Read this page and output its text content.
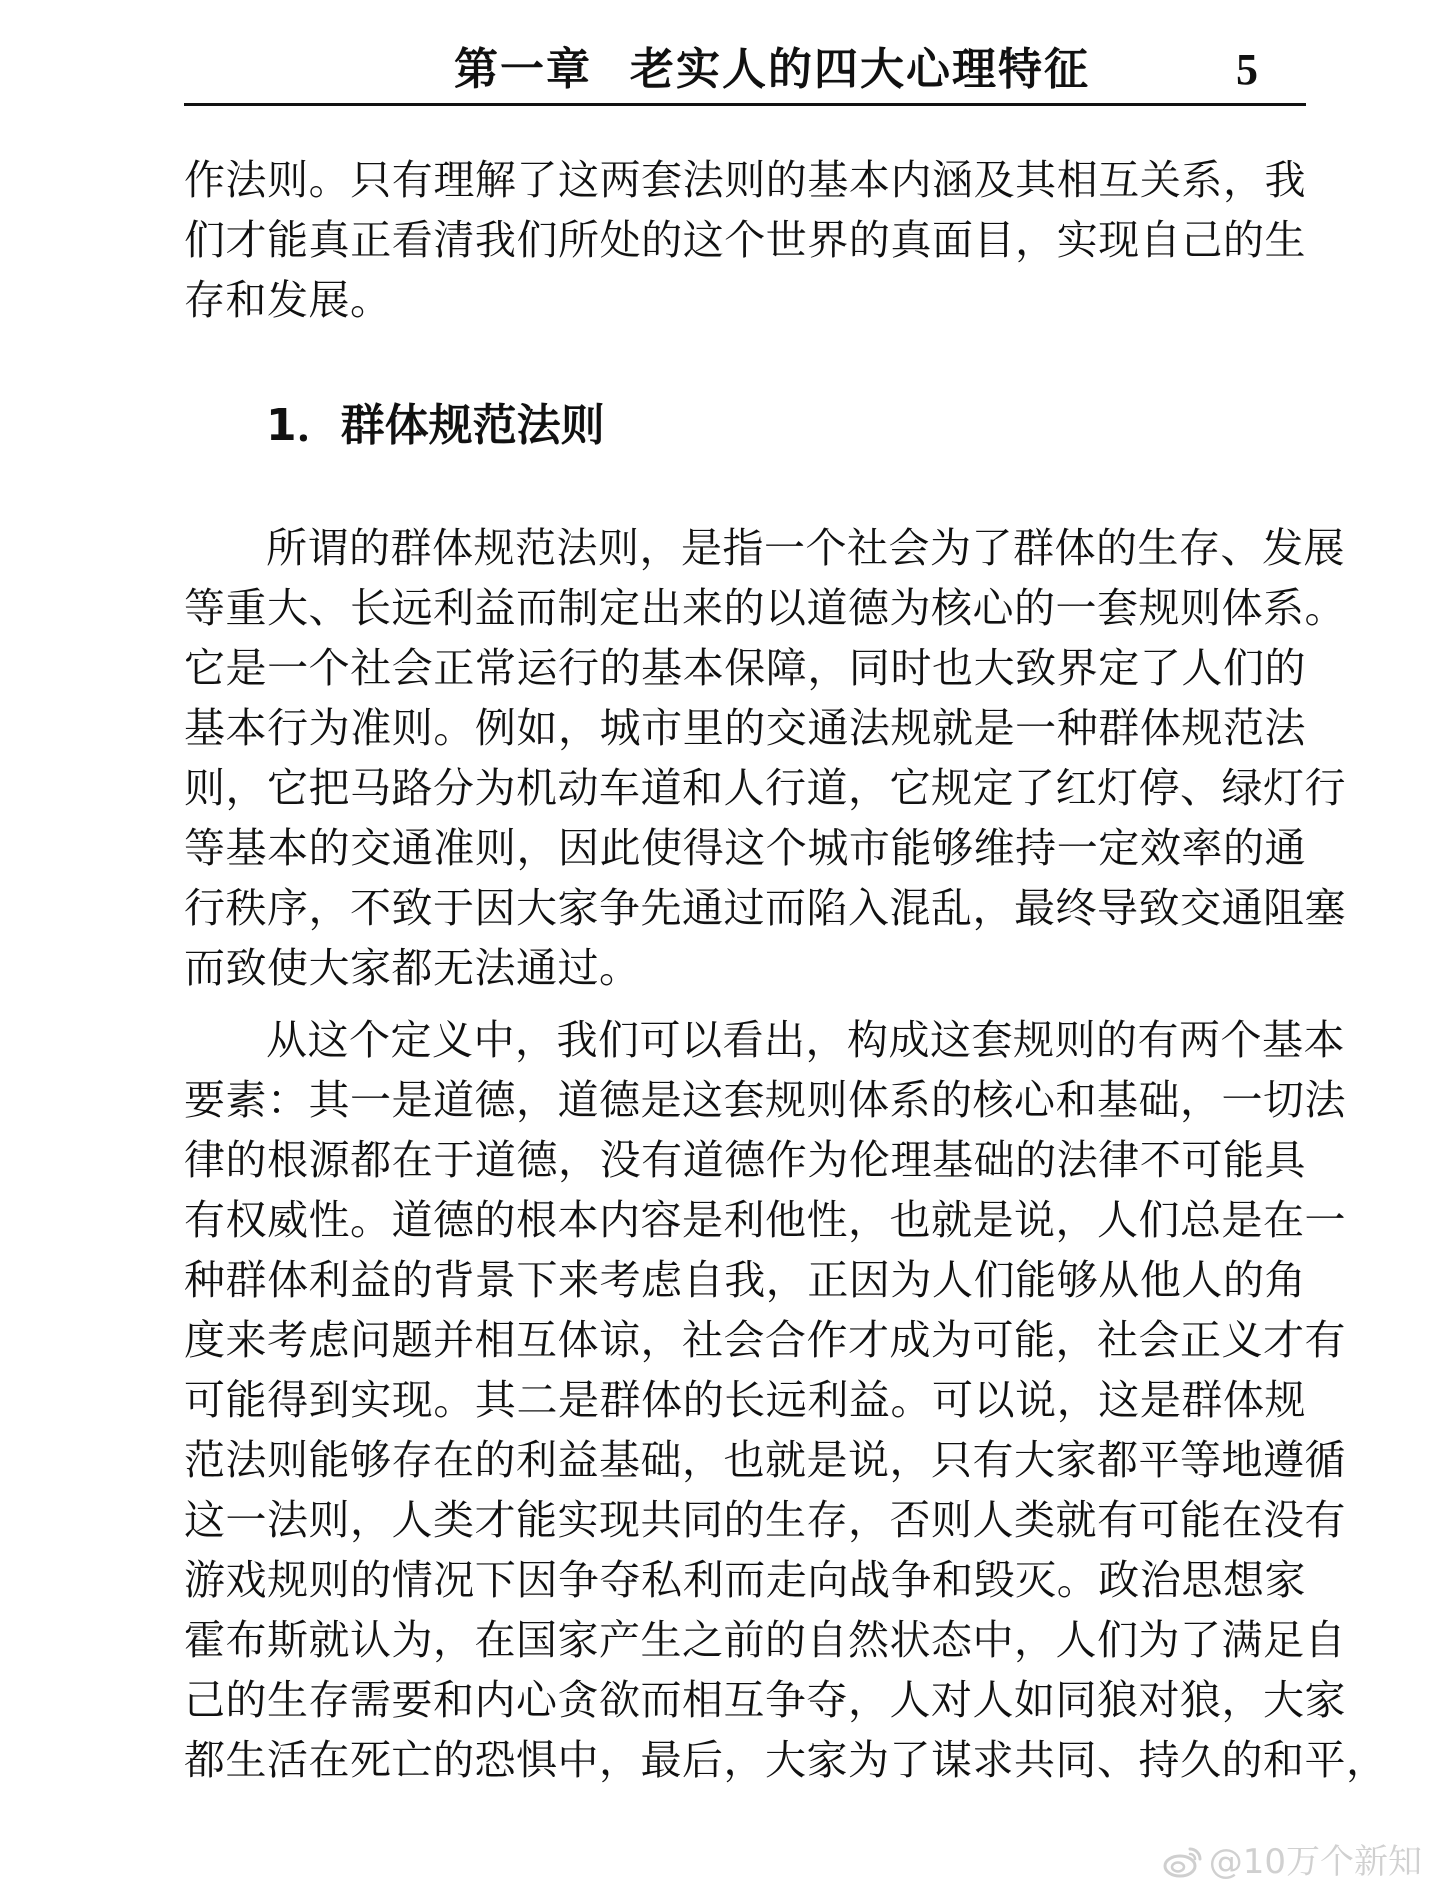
第一章 老实人的四大心理特征	5
作法则。只有理解了这两套法则的基本内涵及其相互关系，我
们才能真正看清我们所处的这个世界的真面目，实现自己的生
存和发展。
1．群体规范法则
所谓的群体规范法则，是指一个社会为了群体的生存、发展
等重大、长远利益而制定出来的以道德为核心的一套规则体系。
它是一个社会正常运行的基本保障，同时也大致界定了人们的
基本行为准则。例如，城市里的交通法规就是一种群体规范法
则，它把马路分为机动车道和人行道，它规定了红灯停、绿灯行
等基本的交通准则，因此使得这个城市能够维持一定效率的通
行秩序，不致于因大家争先通过而陷入混乱，最终导致交通阻塞
而致使大家都无法通过。
从这个定义中，我们可以看出，构成这套规则的有两个基本
要素：其一是道德，道德是这套规则体系的核心和基础，一切法
律的根源都在于道德，没有道德作为伦理基础的法律不可能具
有权威性。道德的根本内容是利他性，也就是说，人们总是在一
种群体利益的背景下来考虑自我，正因为人们能够从他人的角
度来考虑问题并相互体谅，社会合作才成为可能，社会正义才有
可能得到实现。其二是群体的长远利益。可以说，这是群体规
范法则能够存在的利益基础，也就是说，只有大家都平等地遵循
这一法则，人类才能实现共同的生存，否则人类就有可能在没有
游戏规则的情况下因争夺私利而走向战争和毁灭。政治思想家
霍布斯就认为，在国家产生之前的自然状态中，人们为了满足自
己的生存需要和内心贪欲而相互争夺，人对人如同狼对狼，大家
都生活在死亡的恐惧中，最后，大家为了谋求共同、持久的和平，
@10万个新知
